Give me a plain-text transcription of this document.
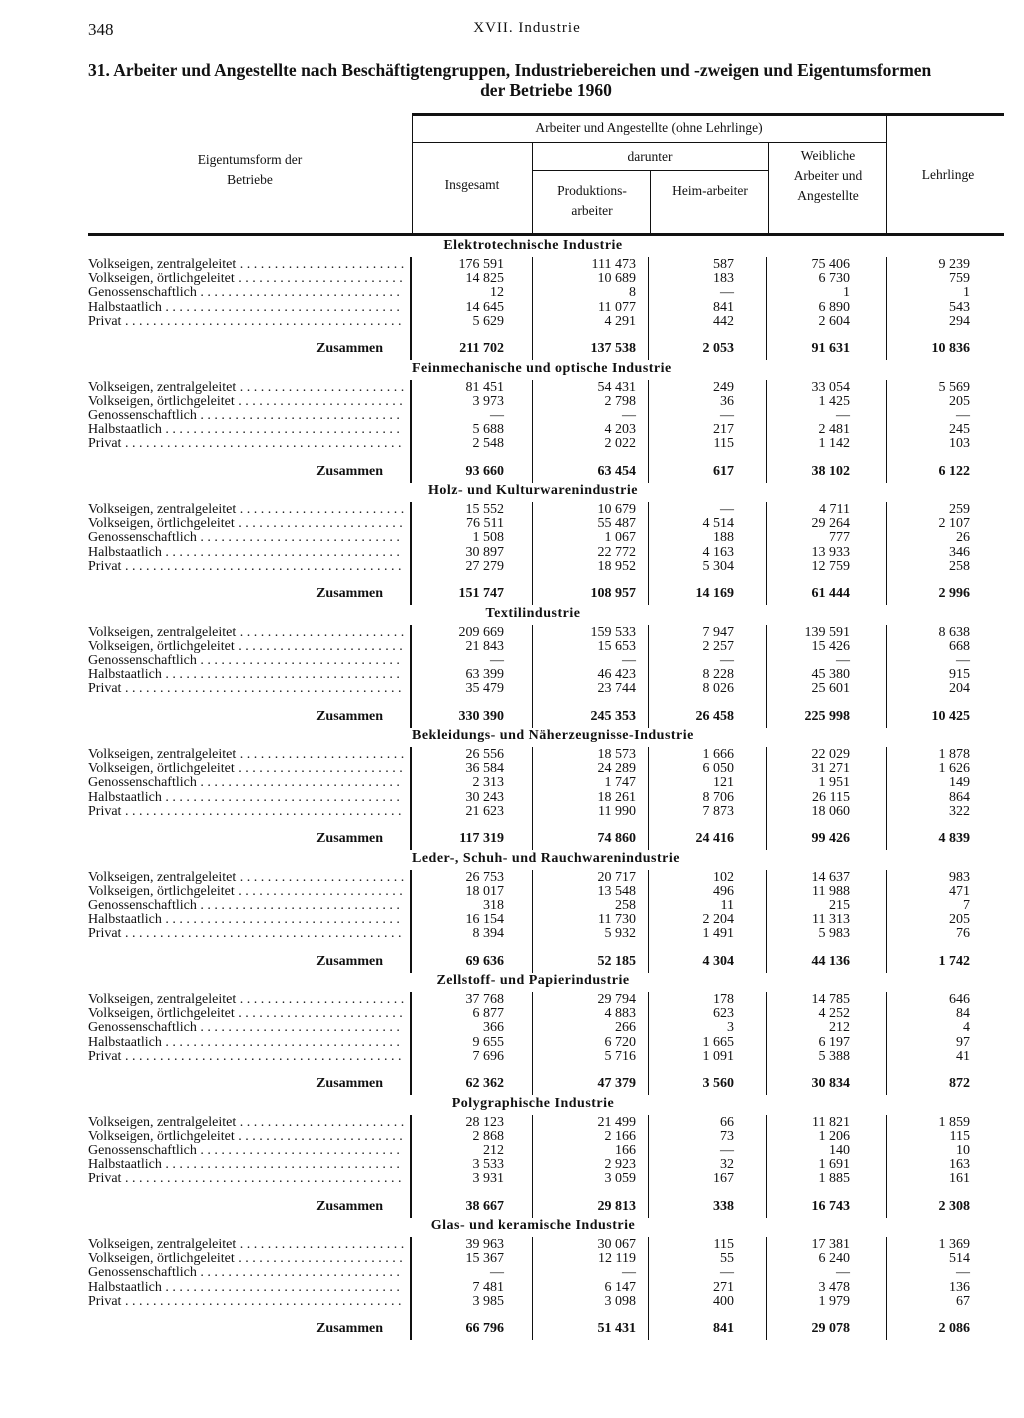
348	XVII. Industrie
31. Arbeiter und Angestellte nach Beschäftigtengruppen, Industriebereichen und -zweigen und Eigentumsformen
der Betriebe 1960
Eigentumsform der Betriebe
Arbeiter und Angestellte (ohne Lehrlinge)
Insgesamt
darunter
Produktions-arbeiter
Heim-arbeiter
Weibliche Arbeiter und Angestellte
Lehrlinge
Elektrotechnische Industrie
Volkseigen, zentralgeleitet . . .	176 591	111 473	587	75 406	9 239
Volkseigen, örtlichgeleitet . . .	14 825	10 689	183	6 730	759
Genossenschaftlich . . .	12	8	—	1	1
Halbstaatlich . . .	14 645	11 077	841	6 890	543
Privat . . .	5 629	4 291	442	2 604	294
Zusammen	211 702	137 538	2 053	91 631	10 836
Feinmechanische und optische Industrie
Volkseigen, zentralgeleitet . . .	81 451	54 431	249	33 054	5 569
Volkseigen, örtlichgeleitet . . .	3 973	2 798	36	1 425	205
Genossenschaftlich . . .	—	—	—	—	—
Halbstaatlich . . .	5 688	4 203	217	2 481	245
Privat . . .	2 548	2 022	115	1 142	103
Zusammen	93 660	63 454	617	38 102	6 122
Holz- und Kulturwarenindustrie
Volkseigen, zentralgeleitet . . .	15 552	10 679	—	4 711	259
Volkseigen, örtlichgeleitet . . .	76 511	55 487	4 514	29 264	2 107
Genossenschaftlich . . .	1 508	1 067	188	777	26
Halbstaatlich . . .	30 897	22 772	4 163	13 933	346
Privat . . .	27 279	18 952	5 304	12 759	258
Zusammen	151 747	108 957	14 169	61 444	2 996
Textilindustrie
Volkseigen, zentralgeleitet . . .	209 669	159 533	7 947	139 591	8 638
Volkseigen, örtlichgeleitet . . .	21 843	15 653	2 257	15 426	668
Genossenschaftlich . . .	—	—	—	—	—
Halbstaatlich . . .	63 399	46 423	8 228	45 380	915
Privat . . .	35 479	23 744	8 026	25 601	204
Zusammen	330 390	245 353	26 458	225 998	10 425
Bekleidungs- und Näherzeugnisse-Industrie
Volkseigen, zentralgeleitet . . .	26 556	18 573	1 666	22 029	1 878
Volkseigen, örtlichgeleitet . . .	36 584	24 289	6 050	31 271	1 626
Genossenschaftlich . . .	2 313	1 747	121	1 951	149
Halbstaatlich . . .	30 243	18 261	8 706	26 115	864
Privat . . .	21 623	11 990	7 873	18 060	322
Zusammen	117 319	74 860	24 416	99 426	4 839
Leder-, Schuh- und Rauchwarenindustrie
Volkseigen, zentralgeleitet . . .	26 753	20 717	102	14 637	983
Volkseigen, örtlichgeleitet . . .	18 017	13 548	496	11 988	471
Genossenschaftlich . . .	318	258	11	215	7
Halbstaatlich . . .	16 154	11 730	2 204	11 313	205
Privat . . .	8 394	5 932	1 491	5 983	76
Zusammen	69 636	52 185	4 304	44 136	1 742
Zellstoff- und Papierindustrie
Volkseigen, zentralgeleitet . . .	37 768	29 794	178	14 785	646
Volkseigen, örtlichgeleitet . . .	6 877	4 883	623	4 252	84
Genossenschaftlich . . .	366	266	3	212	4
Halbstaatlich . . .	9 655	6 720	1 665	6 197	97
Privat . . .	7 696	5 716	1 091	5 388	41
Zusammen	62 362	47 379	3 560	30 834	872
Polygraphische Industrie
Volkseigen, zentralgeleitet . . .	28 123	21 499	66	11 821	1 859
Volkseigen, örtlichgeleitet . . .	2 868	2 166	73	1 206	115
Genossenschaftlich . . .	212	166	—	140	10
Halbstaatlich . . .	3 533	2 923	32	1 691	163
Privat . . .	3 931	3 059	167	1 885	161
Zusammen	38 667	29 813	338	16 743	2 308
Glas- und keramische Industrie
Volkseigen, zentralgeleitet . . .	39 963	30 067	115	17 381	1 369
Volkseigen, örtlichgeleitet . . .	15 367	12 119	55	6 240	514
Genossenschaftlich . . .	—	—	—	—	—
Halbstaatlich . . .	7 481	6 147	271	3 478	136
Privat . . .	3 985	3 098	400	1 979	67
Zusammen	66 796	51 431	841	29 078	2 086
